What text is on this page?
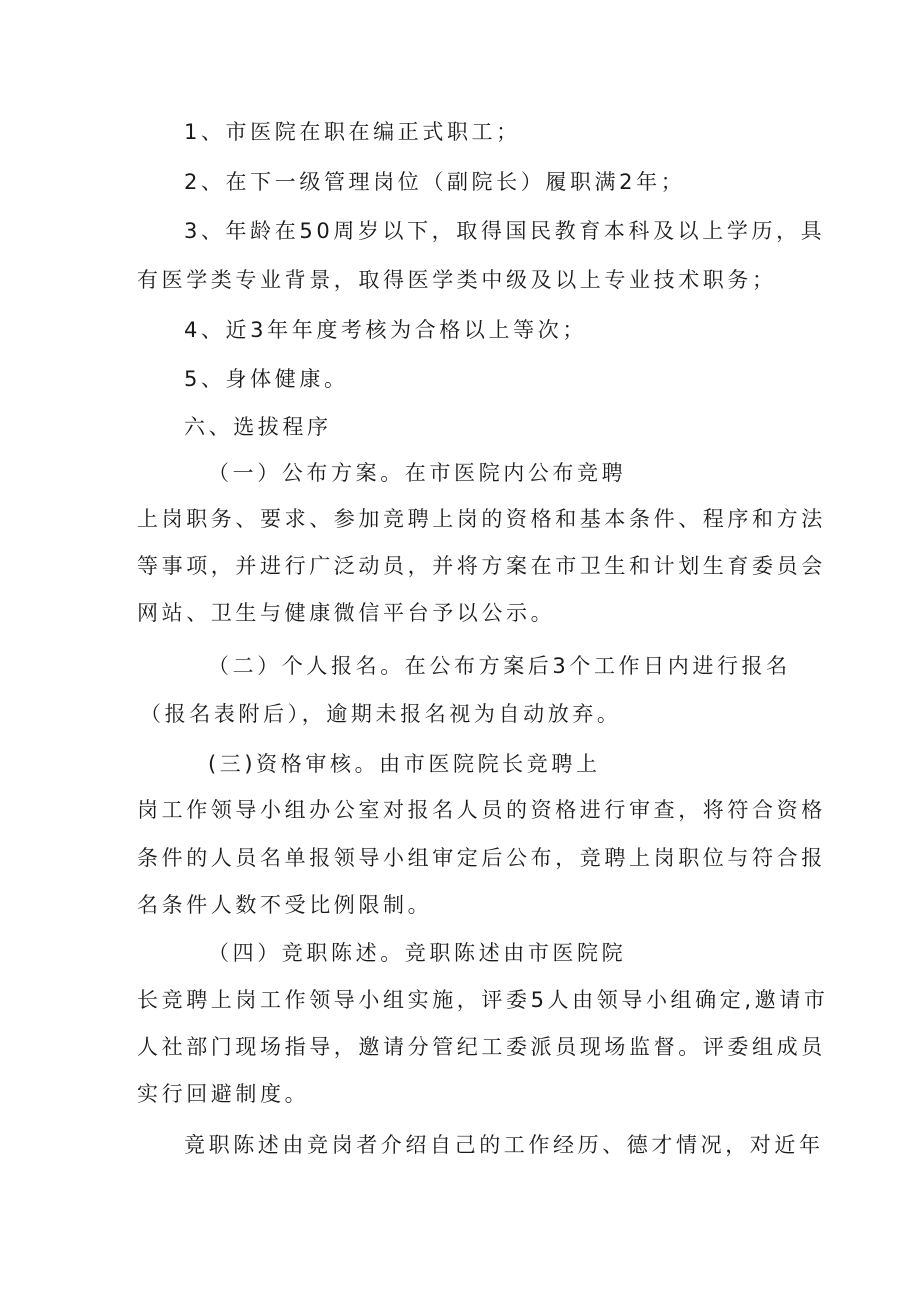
1、市医院在职在编正式职工；
2、在下一级管理岗位（副院长）履职满2年；
3、年龄在50周岁以下，取得国民教育本科及以上学历，具
有医学类专业背景，取得医学类中级及以上专业技术职务；
4、近3年年度考核为合格以上等次；
5、身体健康。
六、选拔程序
（一）公布方案。在市医院内公布竞聘
上岗职务、要求、参加竞聘上岗的资格和基本条件、程序和方法
等事项，并进行广泛动员，并将方案在市卫生和计划生育委员会
网站、卫生与健康微信平台予以公示。
（二）个人报名。在公布方案后3个工作日内进行报名
（报名表附后），逾期未报名视为自动放弃。
(三)资格审核。由市医院院长竞聘上
岗工作领导小组办公室对报名人员的资格进行审查，将符合资格
条件的人员名单报领导小组审定后公布，竞聘上岗职位与符合报
名条件人数不受比例限制。
（四）竞职陈述。竞职陈述由市医院院
长竞聘上岗工作领导小组实施，评委5人由领导小组确定,邀请市
人社部门现场指导，邀请分管纪工委派员现场监督。评委组成员
实行回避制度。
竟职陈述由竞岗者介绍自己的工作经历、德才情况，对近年
